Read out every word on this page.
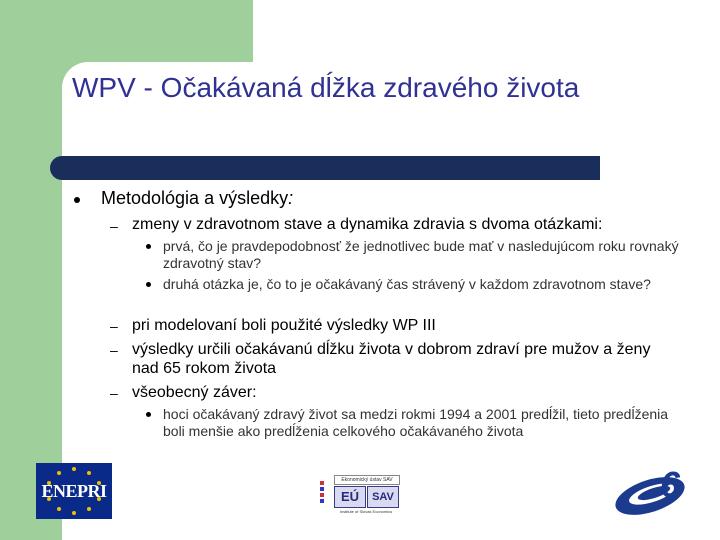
WPV - Očakávaná dĺžka zdravého života
Metodológia a výsledky:
– zmeny v zdravotnom stave a dynamika zdravia s dvoma otázkami:
prvá, čo je pravdepodobnosť že jednotlivec bude mať v nasledujúcom roku rovnaký zdravotný stav?
druhá otázka je, čo to je očakávaný čas strávený v každom zdravotnom stave?
– pri modelovaní boli použité výsledky WP III
– výsledky určili očakávanú dĺžku života v dobrom zdraví pre mužov a ženy nad 65 rokom života
– všeobecný záver:
hoci očakávaný zdravý život sa medzi rokmi 1994 a 2001 predĺžil, tieto predĺženia boli menšie ako predĺženia celkového očakávaného života
ENEPRI
Ekonomický ústav SAV
EÚ	SAV
Institute of Slovak Economics
6
